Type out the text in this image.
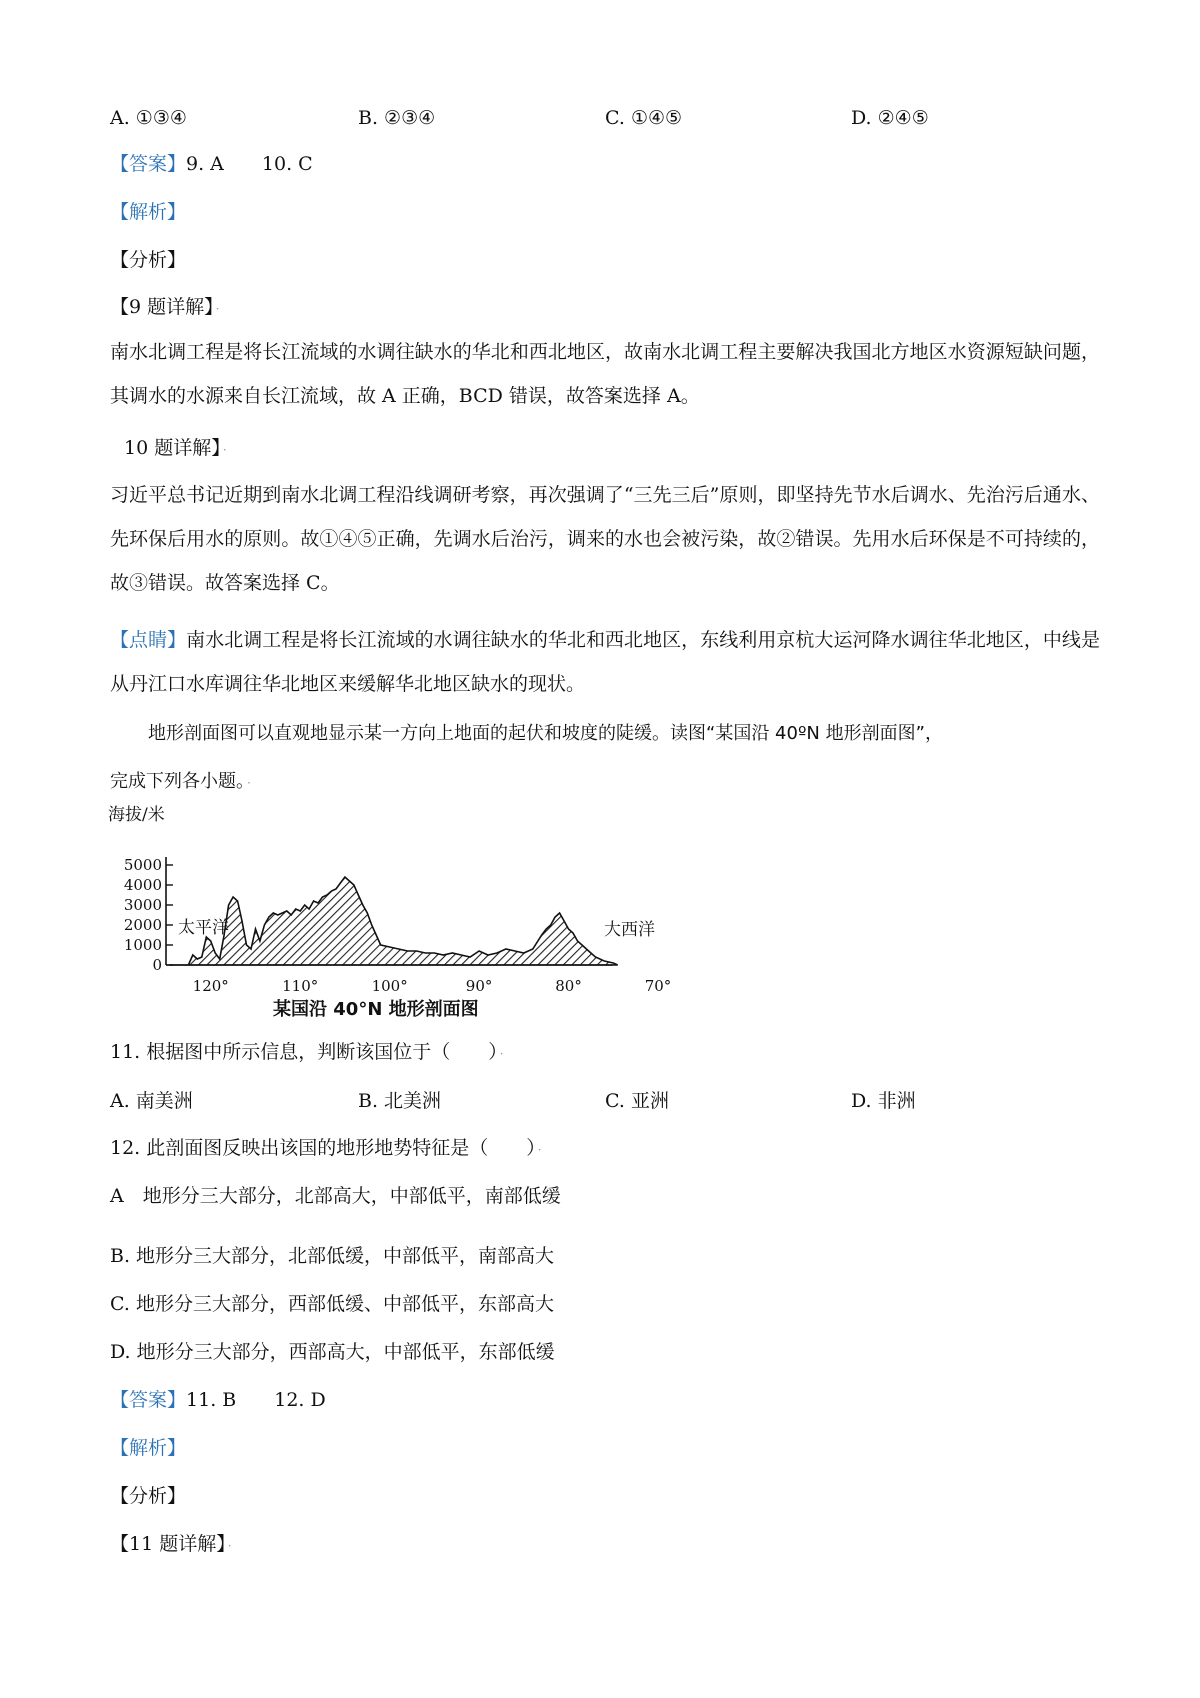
A. ①③④	B. ②③④	C. ①④⑤	D. ②④⑤
【答案】9. A　　10. C
【解析】
【分析】
【9 题详解】 ·
南水北调工程是将长江流域的水调往缺水的华北和西北地区，故南水北调工程主要解决我国北方地区水资源短缺问题，其调水的水源来自长江流域，故 A 正确，BCD 错误，故答案选择 A。
10 题详解】 ·
习近平总书记近期到南水北调工程沿线调研考察，再次强调了“三先三后”原则，即坚持先节水后调水、先治污后通水、先环保后用水的原则。故①④⑤正确，先调水后治污，调来的水也会被污染，故②错误。先用水后环保是不可持续的，故③错误。故答案选择 C。
【点睛】南水北调工程是将长江流域的水调往缺水的华北和西北地区，东线利用京杭大运河降水调往华北地区，中线是从丹江口水库调往华北地区来缓解华北地区缺水的现状。
地形剖面图可以直观地显示某一方向上地面的起伏和坡度的陡缓。读图“某国沿 40ºN 地形剖面图”，
完成下列各小题。 ·
海拔/米
5000
4000
3000
2000
1000
0
120°	110°	100°	90°	80°	70°
太平洋	大西洋
某国沿 40°N 地形剖面图
11. 根据图中所示信息，判断该国位于（　　） ·
A. 南美洲	B. 北美洲	C. 亚洲	D. 非洲
12. 此剖面图反映出该国的地形地势特征是（　　） ·
A　地形分三大部分，北部高大，中部低平，南部低缓
B. 地形分三大部分，北部低缓，中部低平，南部高大
C. 地形分三大部分，西部低缓、中部低平，东部高大
D. 地形分三大部分，西部高大，中部低平，东部低缓
【答案】11. B　　12. D
【解析】
【分析】
【11 题详解】 ·
